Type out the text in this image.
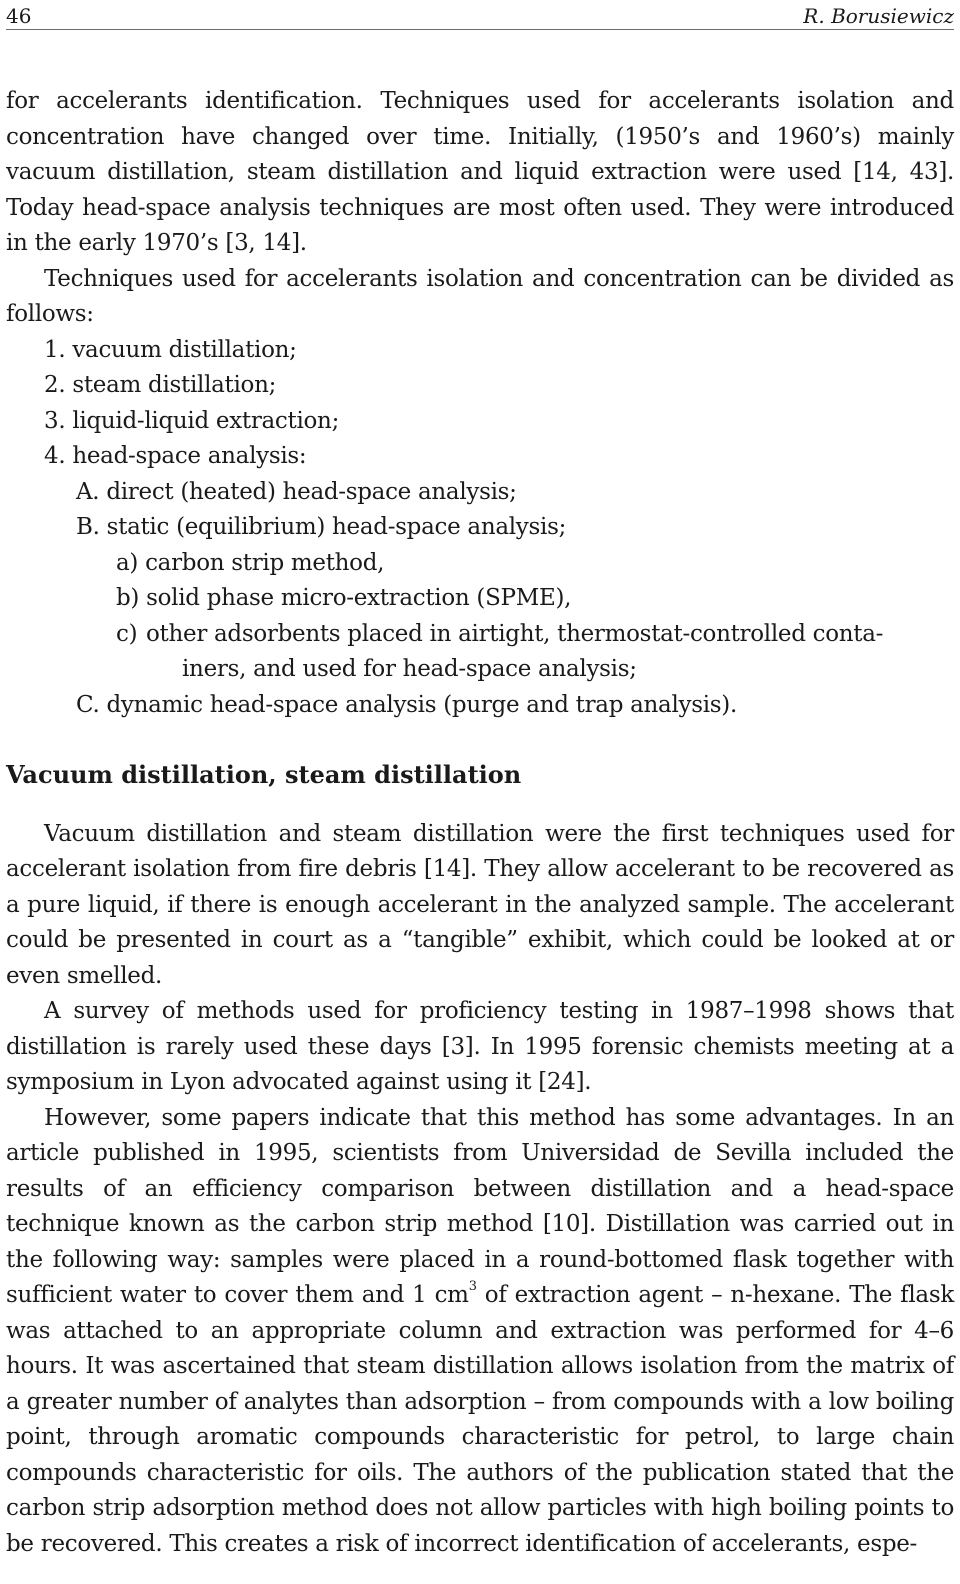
46	R. Borusiewicz

for accelerants identification. Techniques used for accelerants isolation and concentration have changed over time. Initially, (1950’s and 1960’s) mainly vacuum distillation, steam distillation and liquid extraction were used [14, 43]. Today head-space analysis techniques are most often used. They were introduced in the early 1970’s [3, 14].

Techniques used for accelerants isolation and concentration can be divided as follows:

1. vacuum distillation;
2. steam distillation;
3. liquid-liquid extraction;
4. head-space analysis:
A. direct (heated) head-space analysis;
B. static (equilibrium) head-space analysis;
a) carbon strip method,
b) solid phase micro-extraction (SPME),
c) other adsorbents placed in airtight, thermostat-controlled conta-
iners, and used for head-space analysis;
C. dynamic head-space analysis (purge and trap analysis).
Vacuum distillation, steam distillation

Vacuum distillation and steam distillation were the first techniques used for accelerant isolation from fire debris [14]. They allow accelerant to be recovered as a pure liquid, if there is enough accelerant in the analyzed sample. The accelerant could be presented in court as a “tangible” exhibit, which could be looked at or even smelled.

A survey of methods used for proficiency testing in 1987–1998 shows that distillation is rarely used these days [3]. In 1995 forensic chemists meeting at a symposium in Lyon advocated against using it [24].

However, some papers indicate that this method has some advantages. In an article published in 1995, scientists from Universidad de Sevilla included the results of an efficiency comparison between distillation and a head-space technique known as the carbon strip method [10]. Distillation was carried out in the following way: samples were placed in a round-bottomed flask together with sufficient water to cover them and 1 $cm^3$ of extraction agent – n-hexane. The flask was attached to an appropriate column and extraction was performed for 4–6 hours. It was ascertained that steam distillation allows isolation from the matrix of a greater number of analytes than adsorption – from compounds with a low boiling point, through aromatic compounds characteristic for petrol, to large chain compounds characteristic for oils. The authors of the publication stated that the carbon strip adsorption method does not allow particles with high boiling points to be recovered. This creates a risk of incorrect identification of accelerants, espe-
